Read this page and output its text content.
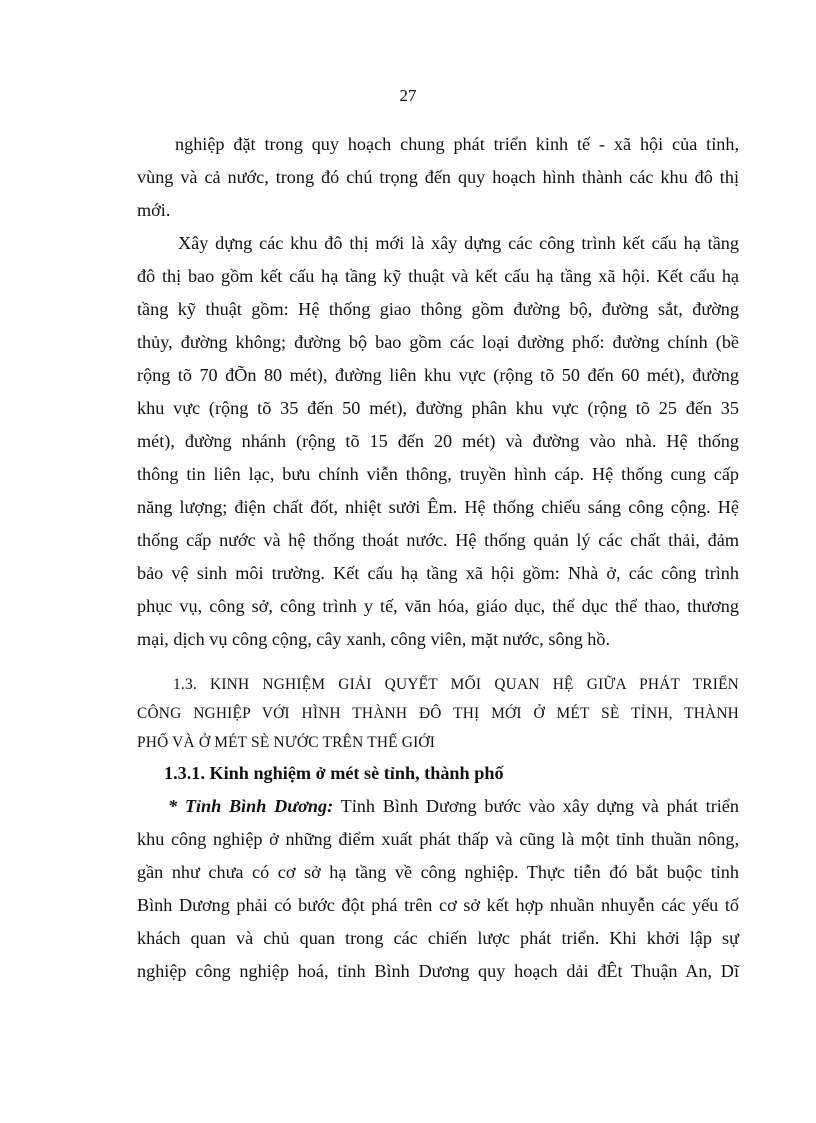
27

nghiệp đặt trong quy hoạch chung phát triển kinh tế - xã hội của tỉnh,
vùng và cả nước, trong đó chú trọng đến quy hoạch hình thành các khu đô thị
mới.

Xây dựng các khu đô thị mới là xây dựng các công trình kết cấu hạ tầng
đô thị bao gồm kết cấu hạ tầng kỹ thuật và kết cấu hạ tầng xã hội. Kết cấu hạ
tầng kỹ thuật gồm: Hệ thống giao thông gồm đường bộ, đường sắt, đường
thủy, đường không; đường bộ bao gồm các loại đường phố: đường chính (bề
rộng tõ 70 đÕn 80 mét), đường liên khu vực (rộng tõ 50 đến 60 mét), đường
khu vực (rộng tõ 35 đến 50 mét), đường phân khu vực (rộng tõ 25 đến 35
mét), đường nhánh (rộng tõ 15 đến 20 mét) và đường vào nhà. Hệ thống
thông tin liên lạc, bưu chính viễn thông, truyền hình cáp. Hệ thống cung cấp
năng lượng; điện chất đốt, nhiệt sưởi Êm. Hệ thống chiếu sáng công cộng. Hệ
thống cấp nước và hệ thống thoát nước. Hệ thống quản lý các chất thải, đảm
bảo vệ sinh môi trường. Kết cấu hạ tầng xã hội gồm: Nhà ở, các công trình
phục vụ, công sở, công trình y tế, văn hóa, giáo dục, thể dục thể thao, thương
mại, dịch vụ công cộng, cây xanh, công viên, mặt nước, sông hồ.

1.3. KINH NGHIỆM GIẢI QUYẾT MỐI QUAN HỆ GIỮA PHÁT TRIỂN
CÔNG NGHIỆP VỚI HÌNH THÀNH ĐÔ THỊ MỚI Ở MÉT SÈ TỈNH, THÀNH
PHỐ VÀ Ở MÉT SÈ NƯỚC TRÊN THẾ GIỚI
1.3.1. Kinh nghiệm ở mét sè tỉnh, thành phố

* Tỉnh Bình Dương: Tỉnh Bình Dương bước vào xây dựng và phát triển
khu công nghiệp ở những điểm xuất phát thấp và cũng là một tỉnh thuần nông,
gần như chưa có cơ sở hạ tầng về công nghiệp. Thực tiễn đó bắt buộc tỉnh
Bình Dương phải có bước đột phá trên cơ sở kết hợp nhuần nhuyễn các yếu tố
khách quan và chủ quan trong các chiến lược phát triển. Khi khởi lập sự
nghiệp công nghiệp hoá, tỉnh Bình Dương quy hoạch dải đÊt Thuận An, Dĩ
